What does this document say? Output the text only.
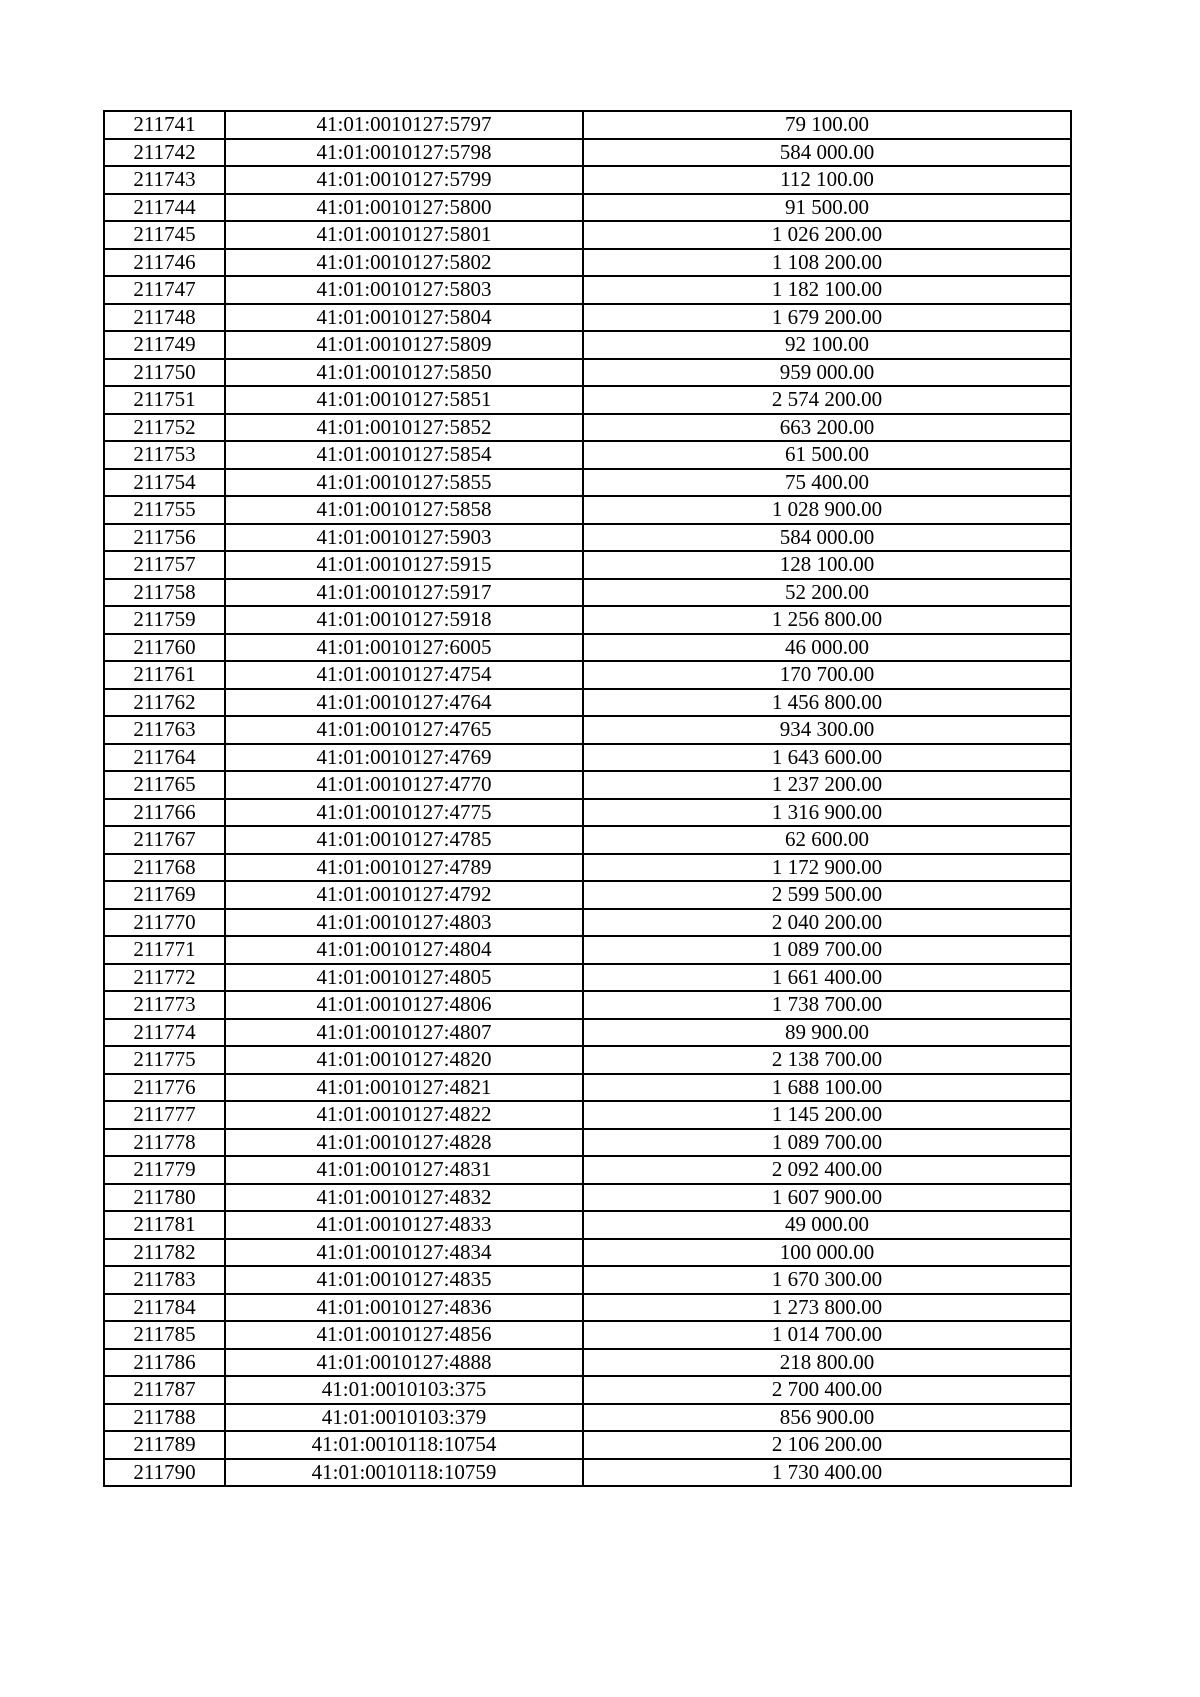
211741	41:01:0010127:5797	79 100.00
211742	41:01:0010127:5798	584 000.00
211743	41:01:0010127:5799	112 100.00
211744	41:01:0010127:5800	91 500.00
211745	41:01:0010127:5801	1 026 200.00
211746	41:01:0010127:5802	1 108 200.00
211747	41:01:0010127:5803	1 182 100.00
211748	41:01:0010127:5804	1 679 200.00
211749	41:01:0010127:5809	92 100.00
211750	41:01:0010127:5850	959 000.00
211751	41:01:0010127:5851	2 574 200.00
211752	41:01:0010127:5852	663 200.00
211753	41:01:0010127:5854	61 500.00
211754	41:01:0010127:5855	75 400.00
211755	41:01:0010127:5858	1 028 900.00
211756	41:01:0010127:5903	584 000.00
211757	41:01:0010127:5915	128 100.00
211758	41:01:0010127:5917	52 200.00
211759	41:01:0010127:5918	1 256 800.00
211760	41:01:0010127:6005	46 000.00
211761	41:01:0010127:4754	170 700.00
211762	41:01:0010127:4764	1 456 800.00
211763	41:01:0010127:4765	934 300.00
211764	41:01:0010127:4769	1 643 600.00
211765	41:01:0010127:4770	1 237 200.00
211766	41:01:0010127:4775	1 316 900.00
211767	41:01:0010127:4785	62 600.00
211768	41:01:0010127:4789	1 172 900.00
211769	41:01:0010127:4792	2 599 500.00
211770	41:01:0010127:4803	2 040 200.00
211771	41:01:0010127:4804	1 089 700.00
211772	41:01:0010127:4805	1 661 400.00
211773	41:01:0010127:4806	1 738 700.00
211774	41:01:0010127:4807	89 900.00
211775	41:01:0010127:4820	2 138 700.00
211776	41:01:0010127:4821	1 688 100.00
211777	41:01:0010127:4822	1 145 200.00
211778	41:01:0010127:4828	1 089 700.00
211779	41:01:0010127:4831	2 092 400.00
211780	41:01:0010127:4832	1 607 900.00
211781	41:01:0010127:4833	49 000.00
211782	41:01:0010127:4834	100 000.00
211783	41:01:0010127:4835	1 670 300.00
211784	41:01:0010127:4836	1 273 800.00
211785	41:01:0010127:4856	1 014 700.00
211786	41:01:0010127:4888	218 800.00
211787	41:01:0010103:375	2 700 400.00
211788	41:01:0010103:379	856 900.00
211789	41:01:0010118:10754	2 106 200.00
211790	41:01:0010118:10759	1 730 400.00
